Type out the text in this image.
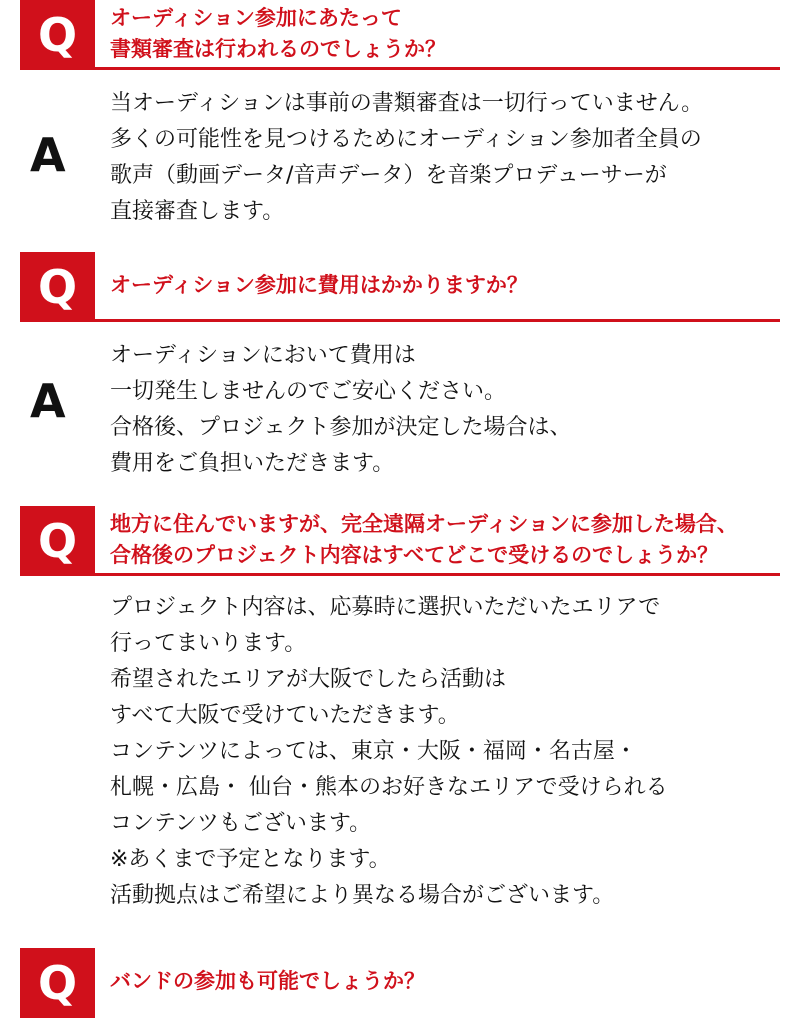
Q オーディション参加にあたって
書類審査は行われるのでしょうか？
A
当オーディションは事前の書類審査は一切行っていません。
多くの可能性を見つけるためにオーディション参加者全員の
歌声（動画データ/音声データ）を音楽プロデューサーが
直接審査します。
Q オーディション参加に費用はかかりますか？
A
オーディションにおいて費用は
一切発生しませんのでご安心ください。
合格後、プロジェクト参加が決定した場合は、
費用をご負担いただきます。
Q 地方に住んでいますが、完全遠隔オーディションに参加した場合、
合格後のプロジェクト内容はすべてどこで受けるのでしょうか？
プロジェクト内容は、応募時に選択いただいたエリアで
行ってまいります。
希望されたエリアが大阪でしたら活動は
すべて大阪で受けていただきます。
コンテンツによっては、東京・大阪・福岡・名古屋・
札幌・広島・ 仙台・熊本のお好きなエリアで受けられる
コンテンツもございます。
※あくまで予定となります。
活動拠点はご希望により異なる場合がございます。
Q バンドの参加も可能でしょうか？
